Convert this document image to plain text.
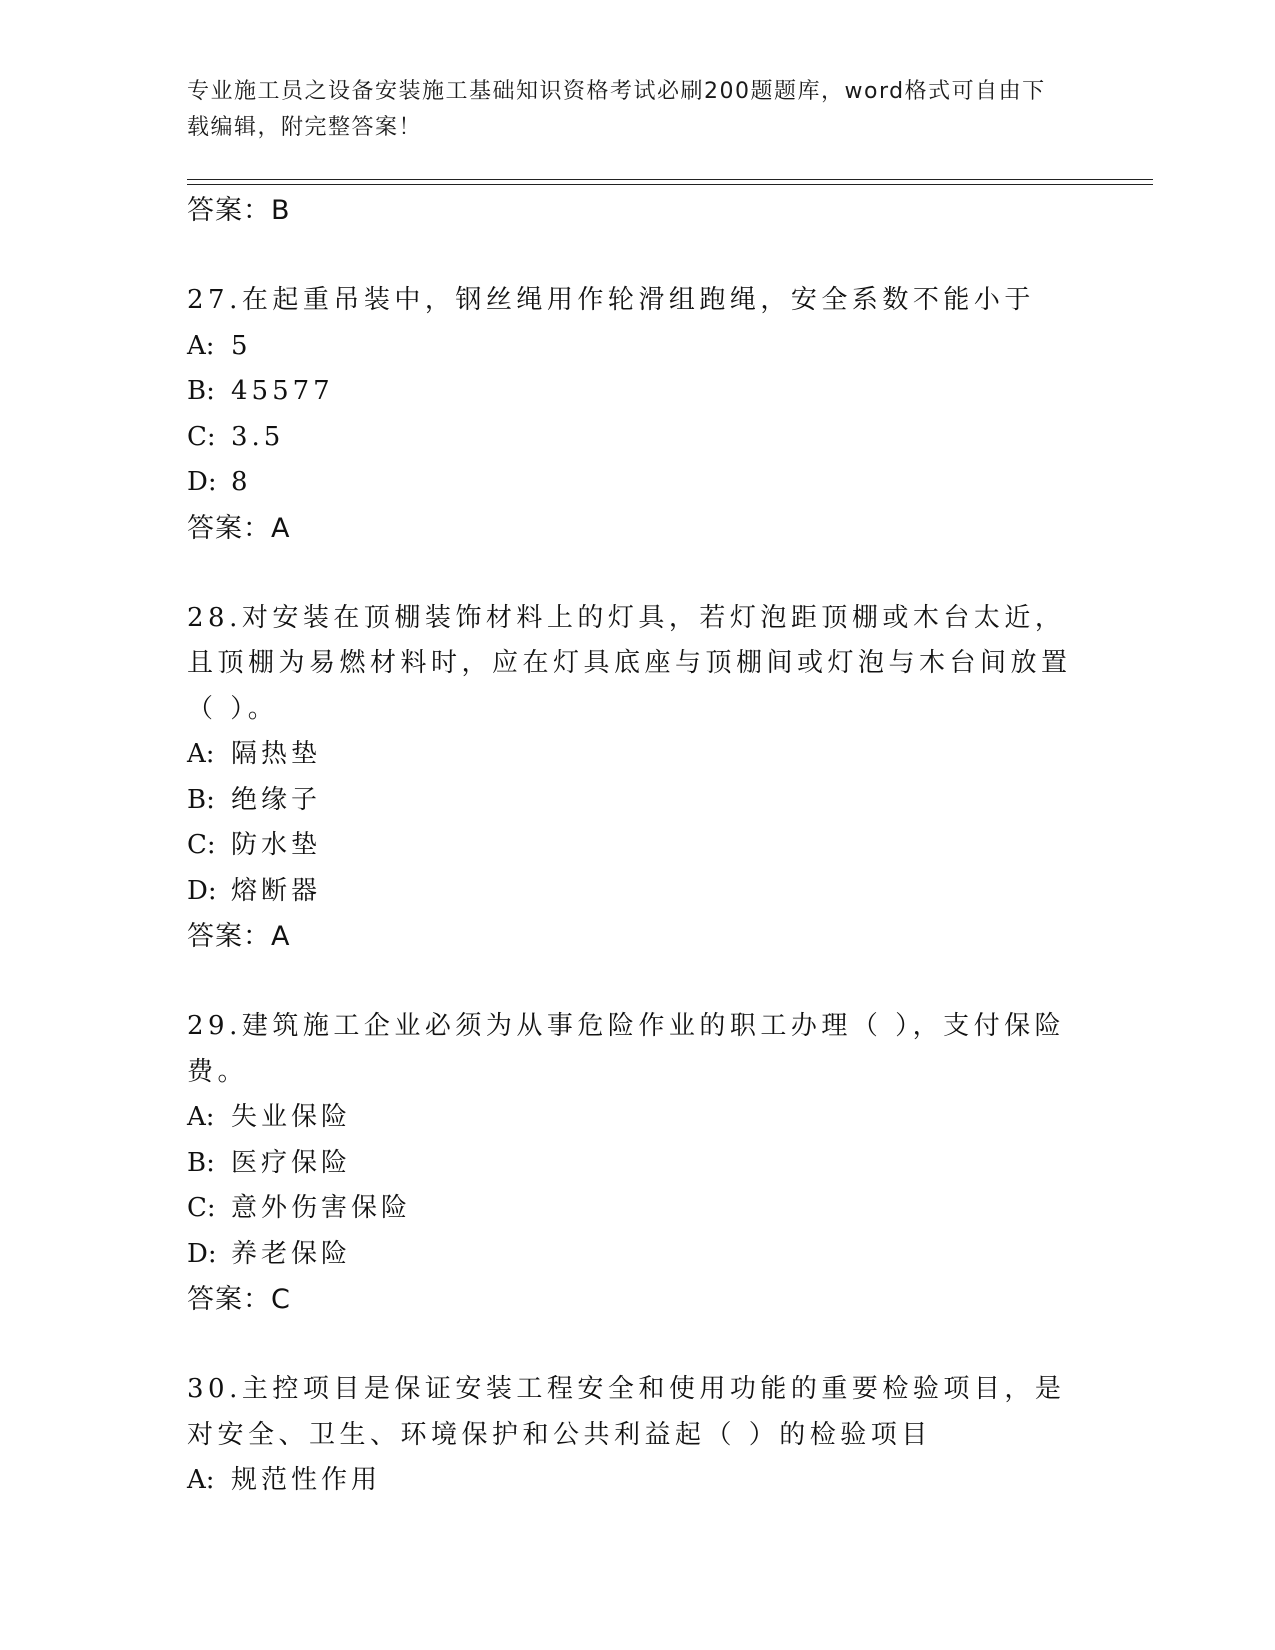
专业施工员之设备安装施工基础知识资格考试必刷200题题库，word格式可自由下载编辑，附完整答案！
答案：B
27.在起重吊装中，钢丝绳用作轮滑组跑绳，安全系数不能小于
A: 5
B: 45577
C: 3.5
D: 8
答案：A
28.对安装在顶棚装饰材料上的灯具，若灯泡距顶棚或木台太近，且顶棚为易燃材料时，应在灯具底座与顶棚间或灯泡与木台间放置（ ）。
A: 隔热垫
B: 绝缘子
C: 防水垫
D: 熔断器
答案：A
29.建筑施工企业必须为从事危险作业的职工办理（ ），支付保险费。
A: 失业保险
B: 医疗保险
C: 意外伤害保险
D: 养老保险
答案：C
30.主控项目是保证安装工程安全和使用功能的重要检验项目，是对安全、卫生、环境保护和公共利益起（ ）的检验项目
A: 规范性作用
